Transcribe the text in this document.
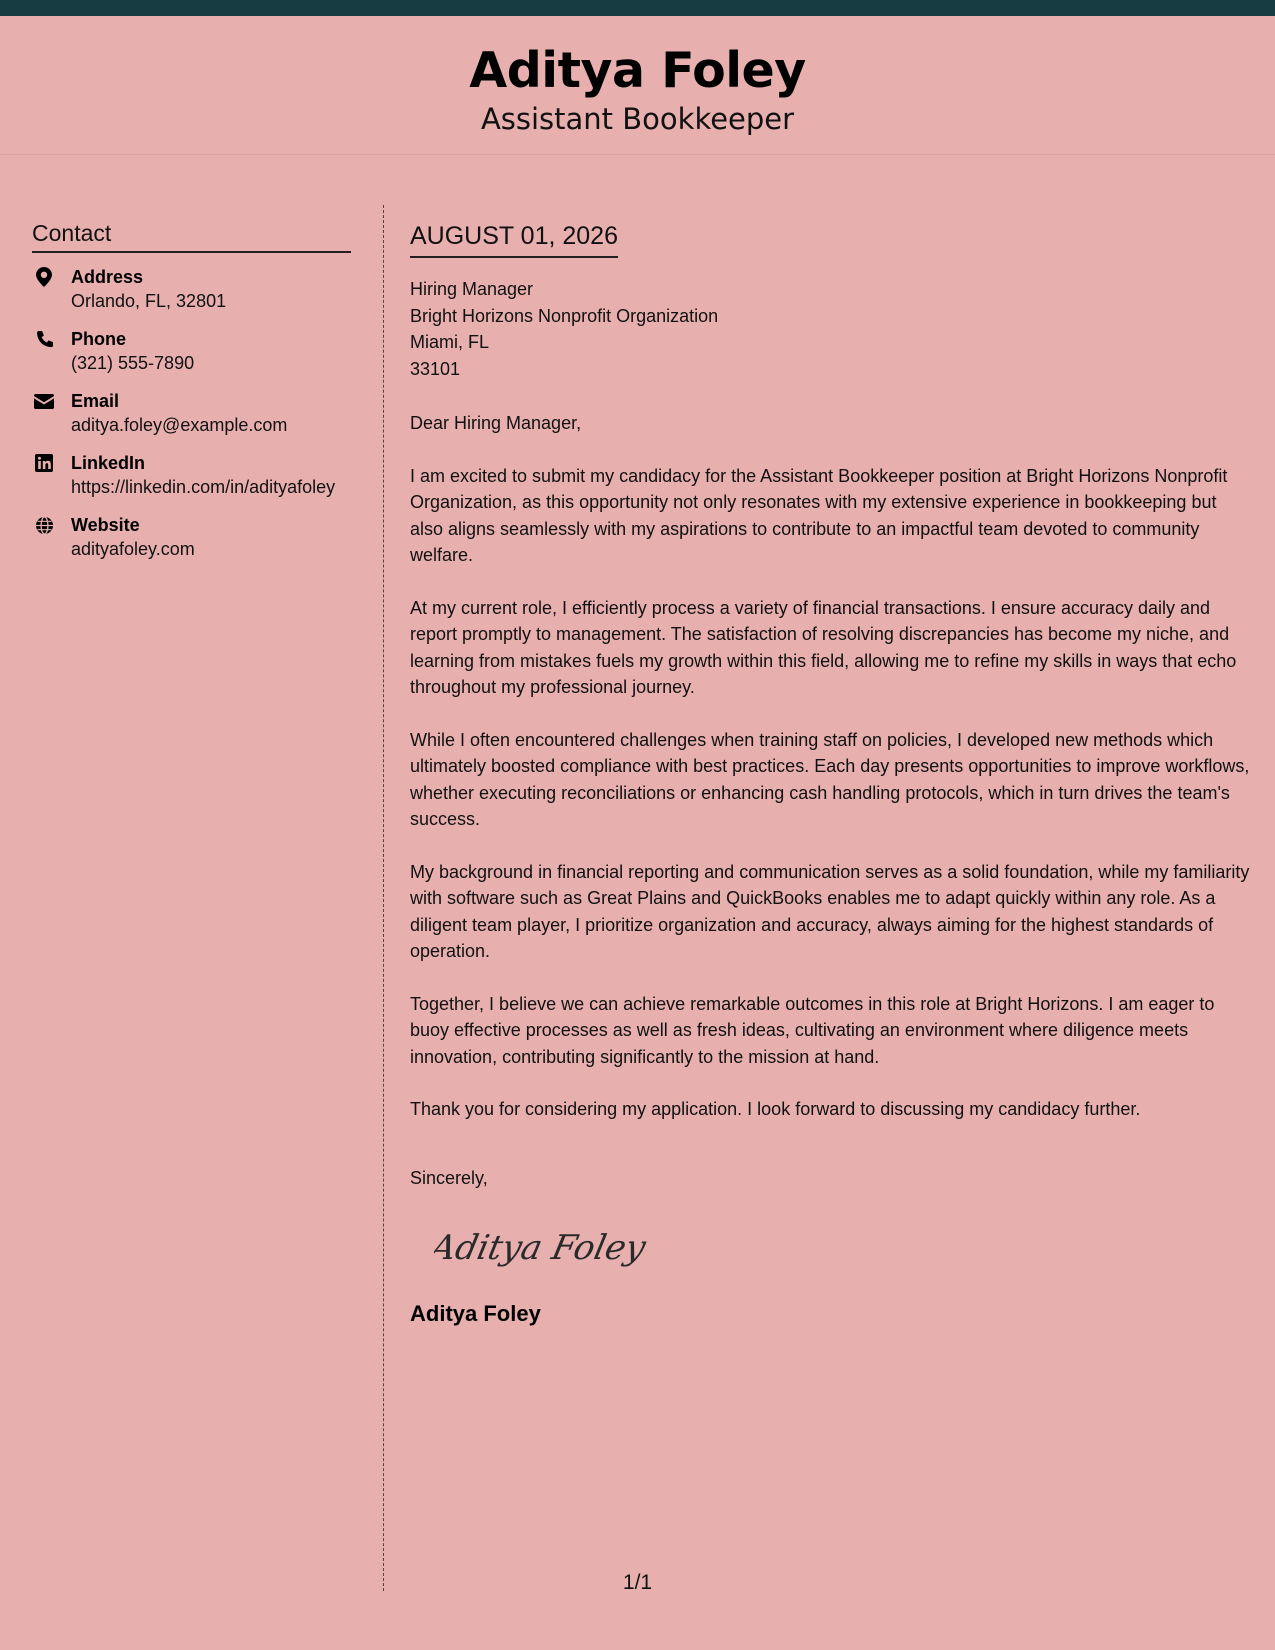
Aditya Foley
Assistant Bookkeeper
Contact
Address
Orlando, FL, 32801
Phone
(321) 555-7890
Email
aditya.foley@example.com
LinkedIn
https://linkedin.com/in/adityafoley
Website
adityafoley.com
AUGUST 01, 2026
Hiring Manager
Bright Horizons Nonprofit Organization
Miami, FL
33101
Dear Hiring Manager,
I am excited to submit my candidacy for the Assistant Bookkeeper position at Bright Horizons Nonprofit Organization, as this opportunity not only resonates with my extensive experience in bookkeeping but also aligns seamlessly with my aspirations to contribute to an impactful team devoted to community welfare.
At my current role, I efficiently process a variety of financial transactions. I ensure accuracy daily and report promptly to management. The satisfaction of resolving discrepancies has become my niche, and learning from mistakes fuels my growth within this field, allowing me to refine my skills in ways that echo throughout my professional journey.
While I often encountered challenges when training staff on policies, I developed new methods which ultimately boosted compliance with best practices. Each day presents opportunities to improve workflows, whether executing reconciliations or enhancing cash handling protocols, which in turn drives the team's success.
My background in financial reporting and communication serves as a solid foundation, while my familiarity with software such as Great Plains and QuickBooks enables me to adapt quickly within any role. As a diligent team player, I prioritize organization and accuracy, always aiming for the highest standards of operation.
Together, I believe we can achieve remarkable outcomes in this role at Bright Horizons. I am eager to buoy effective processes as well as fresh ideas, cultivating an environment where diligence meets innovation, contributing significantly to the mission at hand.
Thank you for considering my application. I look forward to discussing my candidacy further.
Sincerely,
Aditya Foley
Aditya Foley
1/1
